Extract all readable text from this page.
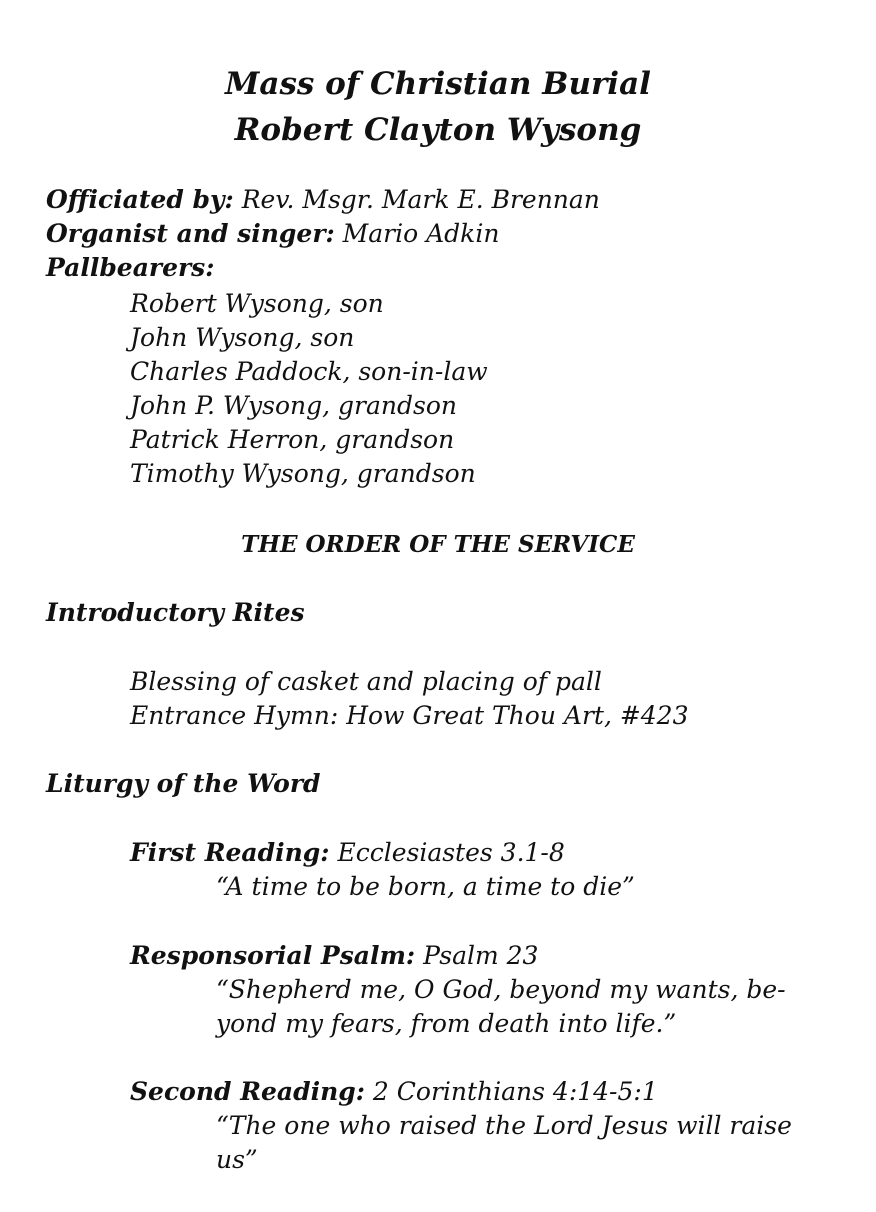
Mass of Christian Burial
Robert Clayton Wysong
Officiated by: Rev. Msgr. Mark E. Brennan
Organist and singer: Mario Adkin
Pallbearers:
Robert Wysong, son
John Wysong, son
Charles Paddock, son-in-law
John P. Wysong, grandson
Patrick Herron, grandson
Timothy Wysong, grandson
THE ORDER OF THE SERVICE
Introductory Rites
Blessing of casket and placing of pall
Entrance Hymn: How Great Thou Art, #423
Liturgy of the Word
First Reading: Ecclesiastes 3.1-8
“A time to be born, a time to die”
Responsorial Psalm: Psalm 23
“Shepherd me, O God, beyond my wants, be-
yond my fears, from death into life.”
Second Reading: 2 Corinthians 4:14-5:1
“The one who raised the Lord Jesus will raise
us”
